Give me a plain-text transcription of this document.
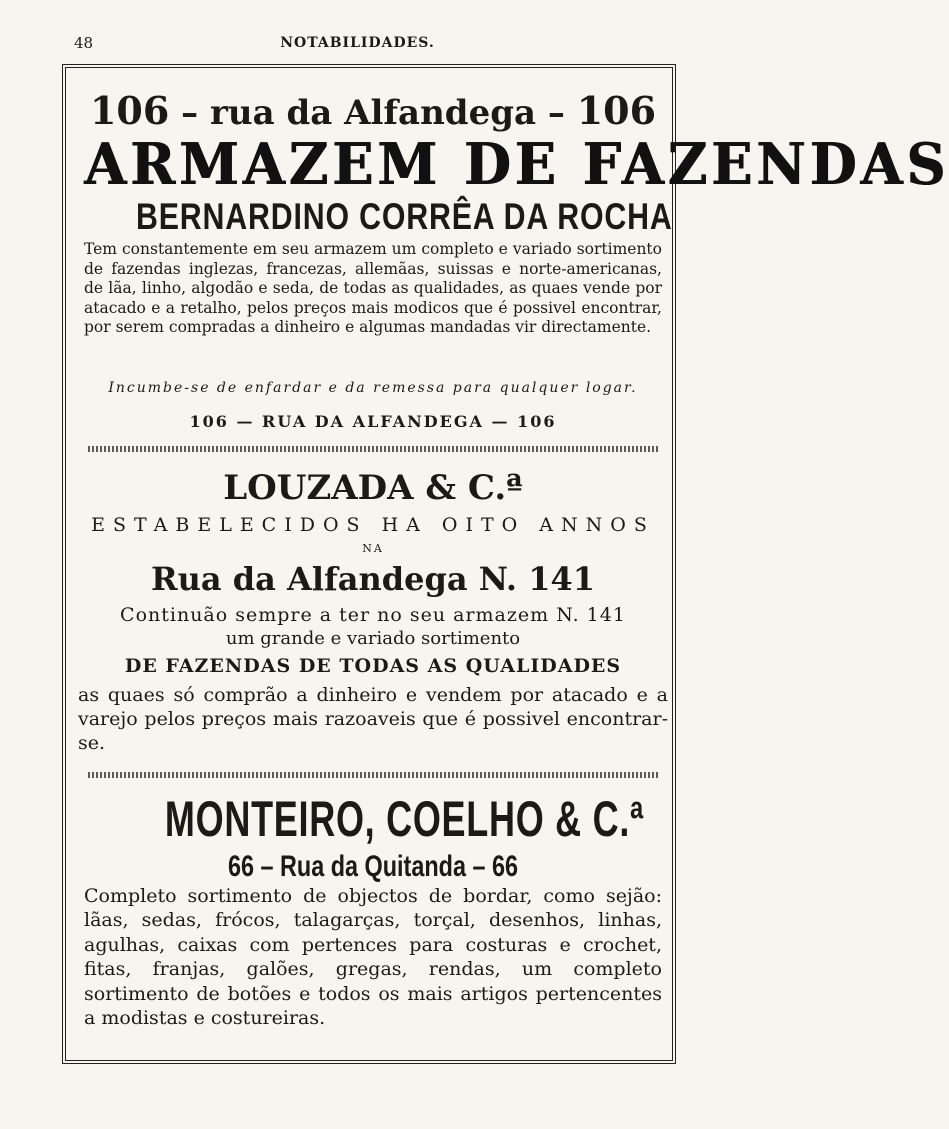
48	NOTABILIDADES.
106 – rua da Alfandega – 106
ARMAZEM DE FAZENDAS
BERNARDINO CORRÊA DA ROCHA
Tem constantemente em seu armazem um completo e variado sortimento de fazendas inglezas, francezas, allemãas, suissas e norte-americanas, de lãa, linho, algodão e seda, de todas as qualidades, as quaes vende por atacado e a retalho, pelos preços mais modicos que é possivel encontrar, por serem compradas a dinheiro e algumas mandadas vir directamente.
Incumbe-se de enfardar e da remessa para qualquer logar.
106 — RUA DA ALFANDEGA — 106
LOUZADA & C.ª
ESTABELECIDOS HA OITO ANNOS
NA
Rua da Alfandega N. 141
Continuão sempre a ter no seu armazem N. 141
um grande e variado sortimento
DE FAZENDAS DE TODAS AS QUALIDADES
as quaes só comprão a dinheiro e vendem por atacado e a varejo pelos preços mais razoaveis que é possivel encontrar-se.
MONTEIRO, COELHO & C.ª
66 – Rua da Quitanda – 66
Completo sortimento de objectos de bordar, como sejão: lãas, sedas, frócos, talagarças, torçal, desenhos, linhas, agulhas, caixas com pertences para costuras e crochet, fitas, franjas, galões, gregas, rendas, um completo sortimento de botões e todos os mais artigos pertencentes a modistas e costureiras.
